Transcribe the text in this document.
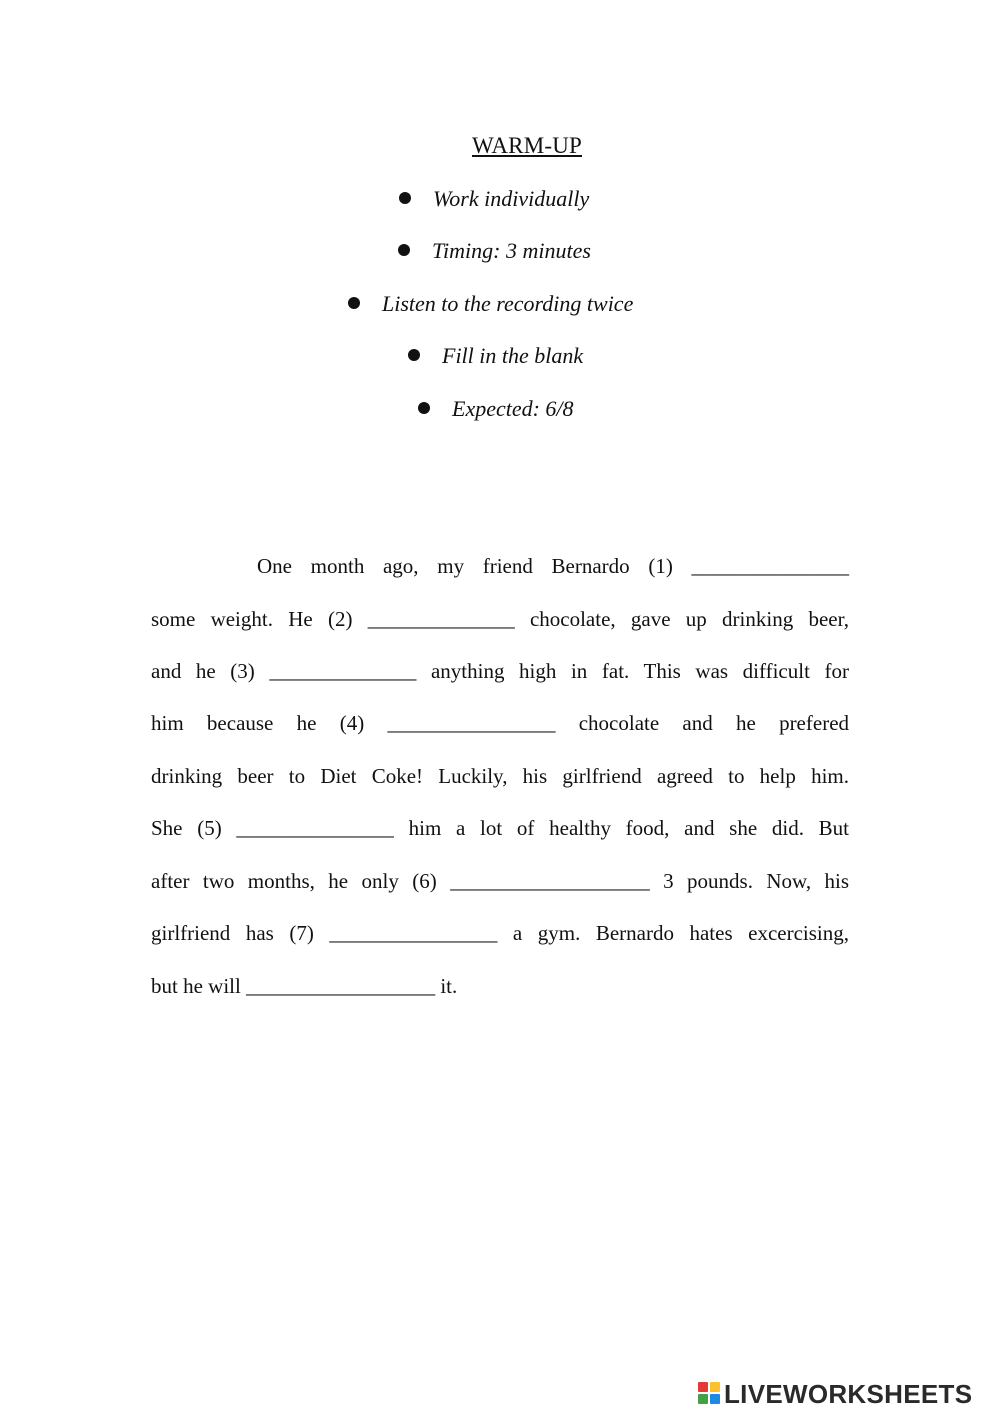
WARM-UP
Work individually
Timing: 3 minutes
Listen to the recording twice
Fill in the blank
Expected: 6/8
One month ago, my friend Bernardo (1) _______________
some weight. He (2) ______________ chocolate, gave up drinking beer,
and he (3) ______________ anything high in fat. This was difficult for
him because he (4) ________________ chocolate and he prefered
drinking beer to Diet Coke! Luckily, his girlfriend agreed to help him.
She (5) _______________ him a lot of healthy food, and she did. But
after two months, he only (6) ___________________ 3 pounds. Now, his
girlfriend has (7) ________________ a gym. Bernardo hates excercising,
but he will __________________ it.
LIVEWORKSHEETS
